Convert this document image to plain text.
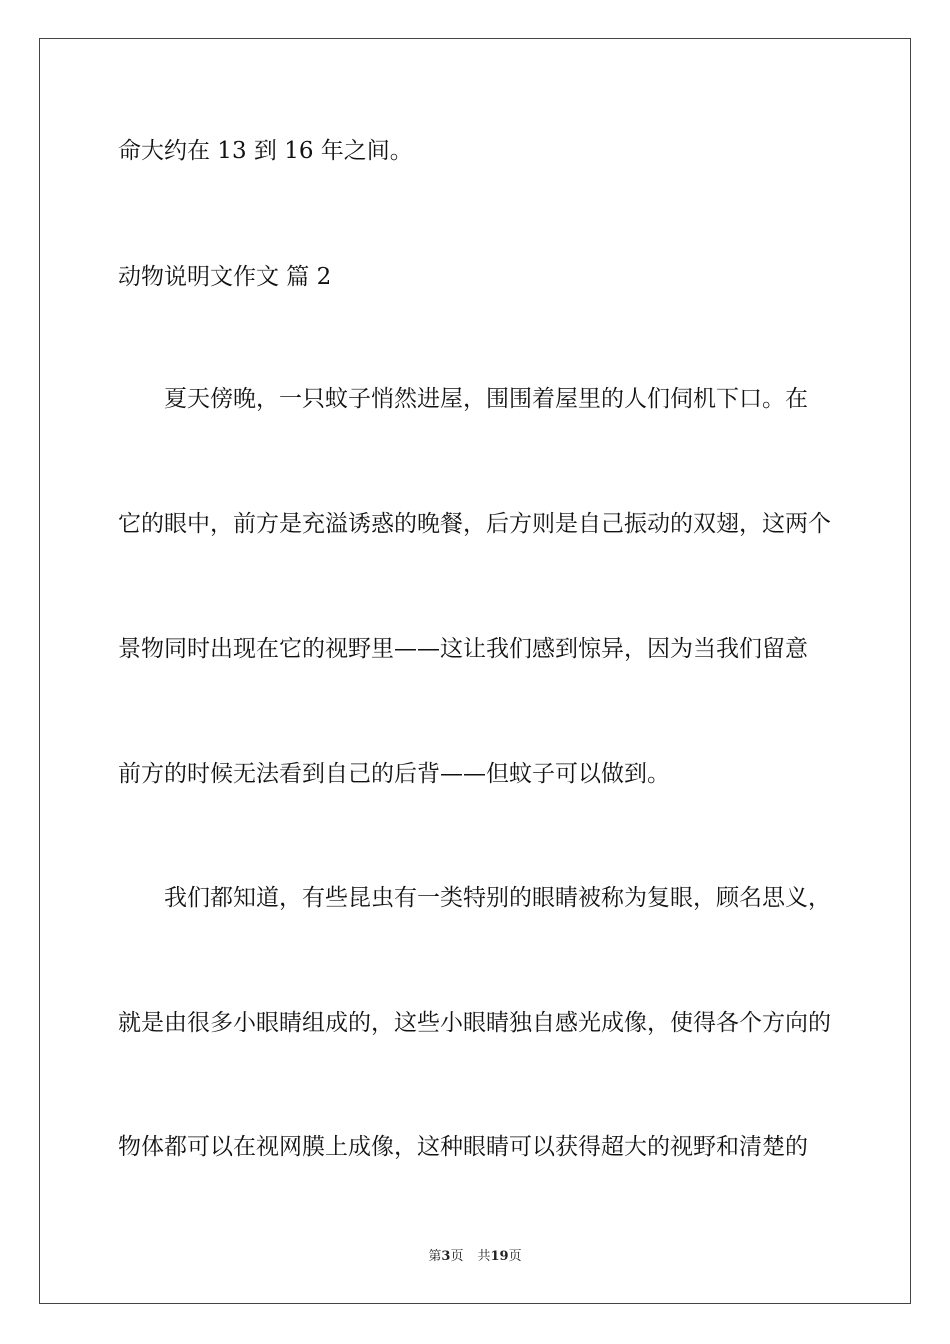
命大约在 13 到 16 年之间。
动物说明文作文 篇 2
　　夏天傍晚，一只蚊子悄然进屋，围围着屋里的人们伺机下口。在
它的眼中，前方是充溢诱惑的晚餐，后方则是自己振动的双翅，这两个
景物同时出现在它的视野里——这让我们感到惊异，因为当我们留意
前方的时候无法看到自己的后背——但蚊子可以做到。
　　我们都知道，有些昆虫有一类特别的眼睛被称为复眼，顾名思义，
就是由很多小眼睛组成的，这些小眼睛独自感光成像，使得各个方向的
物体都可以在视网膜上成像，这种眼睛可以获得超大的视野和清楚的
第3页 共19页
